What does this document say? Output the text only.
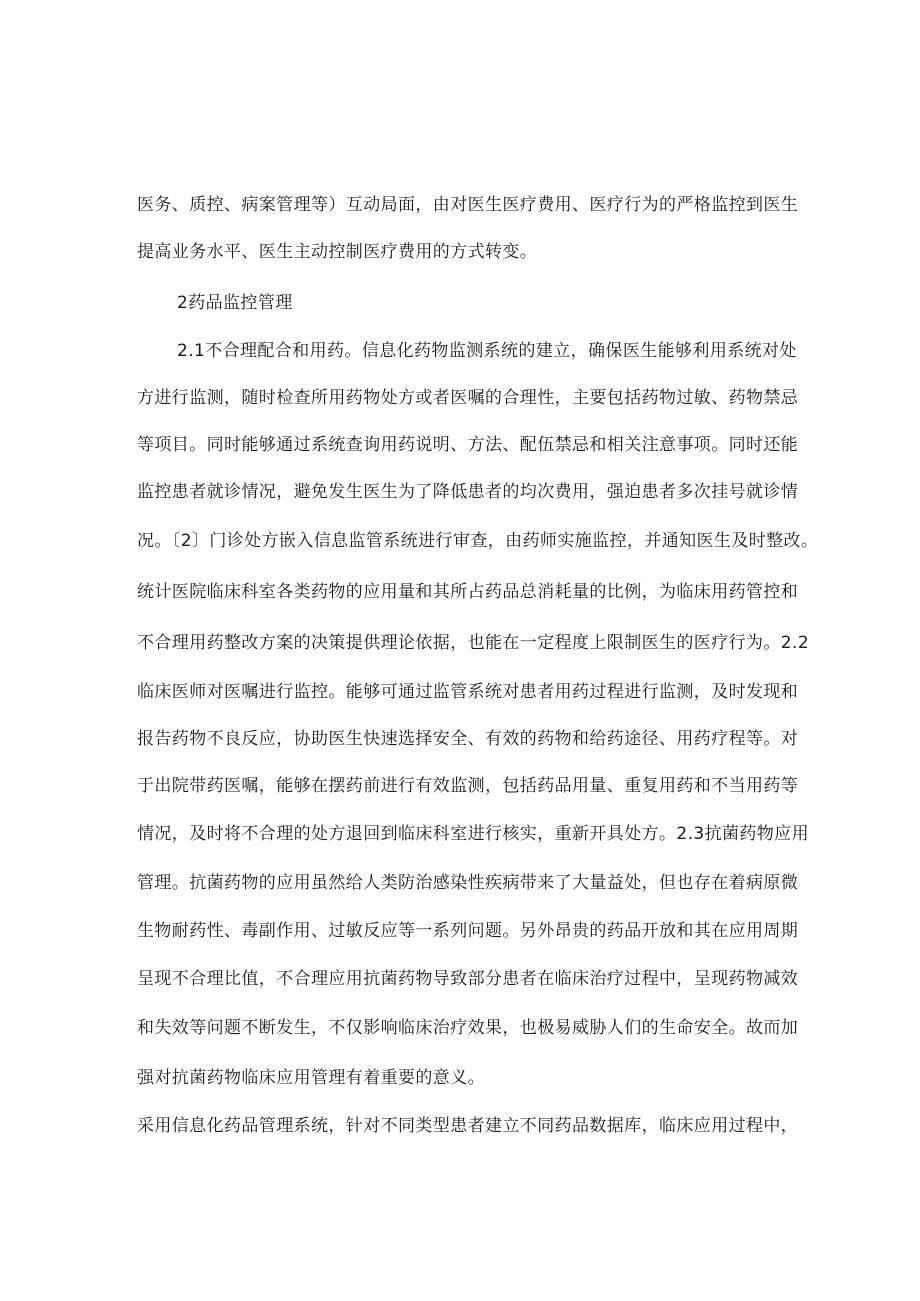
医务、质控、病案管理等）互动局面，由对医生医疗费用、医疗行为的严格监控到医生
提高业务水平、医生主动控制医疗费用的方式转变。
2药品监控管理
2.1不合理配合和用药。信息化药物监测系统的建立，确保医生能够利用系统对处
方进行监测，随时检查所用药物处方或者医嘱的合理性，主要包括药物过敏、药物禁忌
等项目。同时能够通过系统查询用药说明、方法、配伍禁忌和相关注意事项。同时还能
监控患者就诊情况，避免发生医生为了降低患者的均次费用，强迫患者多次挂号就诊情
况。〔2〕门诊处方嵌入信息监管系统进行审查，由药师实施监控，并通知医生及时整改。
统计医院临床科室各类药物的应用量和其所占药品总消耗量的比例，为临床用药管控和
不合理用药整改方案的决策提供理论依据，也能在一定程度上限制医生的医疗行为。2.2
临床医师对医嘱进行监控。能够可通过监管系统对患者用药过程进行监测，及时发现和
报告药物不良反应，协助医生快速选择安全、有效的药物和给药途径、用药疗程等。对
于出院带药医嘱，能够在摆药前进行有效监测，包括药品用量、重复用药和不当用药等
情况，及时将不合理的处方退回到临床科室进行核实，重新开具处方。2.3抗菌药物应用
管理。抗菌药物的应用虽然给人类防治感染性疾病带来了大量益处，但也存在着病原微
生物耐药性、毒副作用、过敏反应等一系列问题。另外昂贵的药品开放和其在应用周期
呈现不合理比值，不合理应用抗菌药物导致部分患者在临床治疗过程中，呈现药物减效
和失效等问题不断发生，不仅影响临床治疗效果，也极易威胁人们的生命安全。故而加
强对抗菌药物临床应用管理有着重要的意义。
采用信息化药品管理系统，针对不同类型患者建立不同药品数据库，临床应用过程中，
